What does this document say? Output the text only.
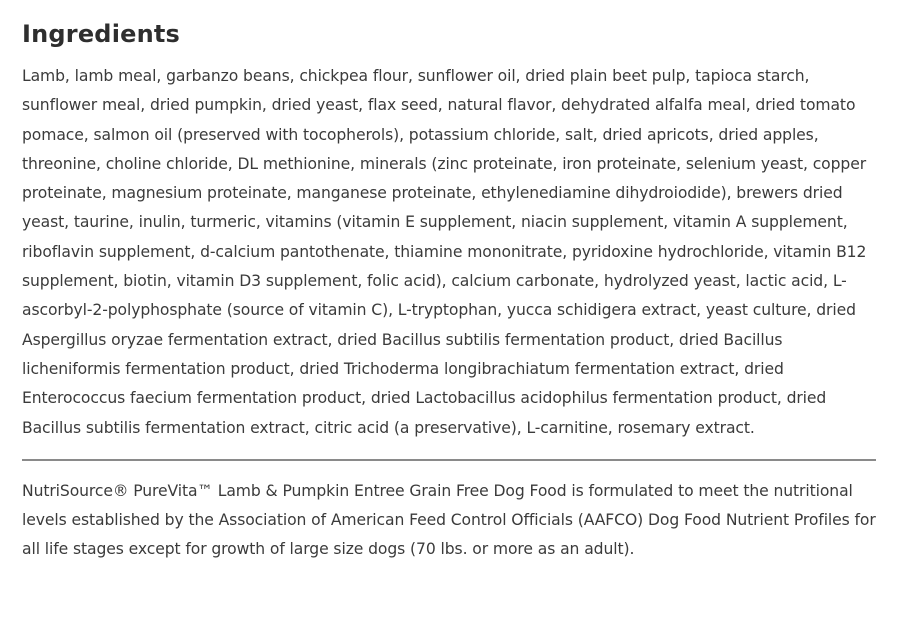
Ingredients

Lamb, lamb meal, garbanzo beans, chickpea flour, sunflower oil, dried plain beet pulp, tapioca starch, sunflower meal, dried pumpkin, dried yeast, flax seed, natural flavor, dehydrated alfalfa meal, dried tomato pomace, salmon oil (preserved with tocopherols), potassium chloride, salt, dried apricots, dried apples, threonine, choline chloride, DL methionine, minerals (zinc proteinate, iron proteinate, selenium yeast, copper proteinate, magnesium proteinate, manganese proteinate, ethylenediamine dihydroiodide), brewers dried yeast, taurine, inulin, turmeric, vitamins (vitamin E supplement, niacin supplement, vitamin A supplement, riboflavin supplement, d-calcium pantothenate, thiamine mononitrate, pyridoxine hydrochloride, vitamin B12 supplement, biotin, vitamin D3 supplement, folic acid), calcium carbonate, hydrolyzed yeast, lactic acid, L-ascorbyl-2-polyphosphate (source of vitamin C), L-tryptophan, yucca schidigera extract, yeast culture, dried Aspergillus oryzae fermentation extract, dried Bacillus subtilis fermentation product, dried Bacillus licheniformis fermentation product, dried Trichoderma longibrachiatum fermentation extract, dried Enterococcus faecium fermentation product, dried Lactobacillus acidophilus fermentation product, dried Bacillus subtilis fermentation extract, citric acid (a preservative), L-carnitine, rosemary extract.

NutriSource® PureVita™ Lamb & Pumpkin Entree Grain Free Dog Food is formulated to meet the nutritional levels established by the Association of American Feed Control Officials (AAFCO) Dog Food Nutrient Profiles for all life stages except for growth of large size dogs (70 lbs. or more as an adult).
